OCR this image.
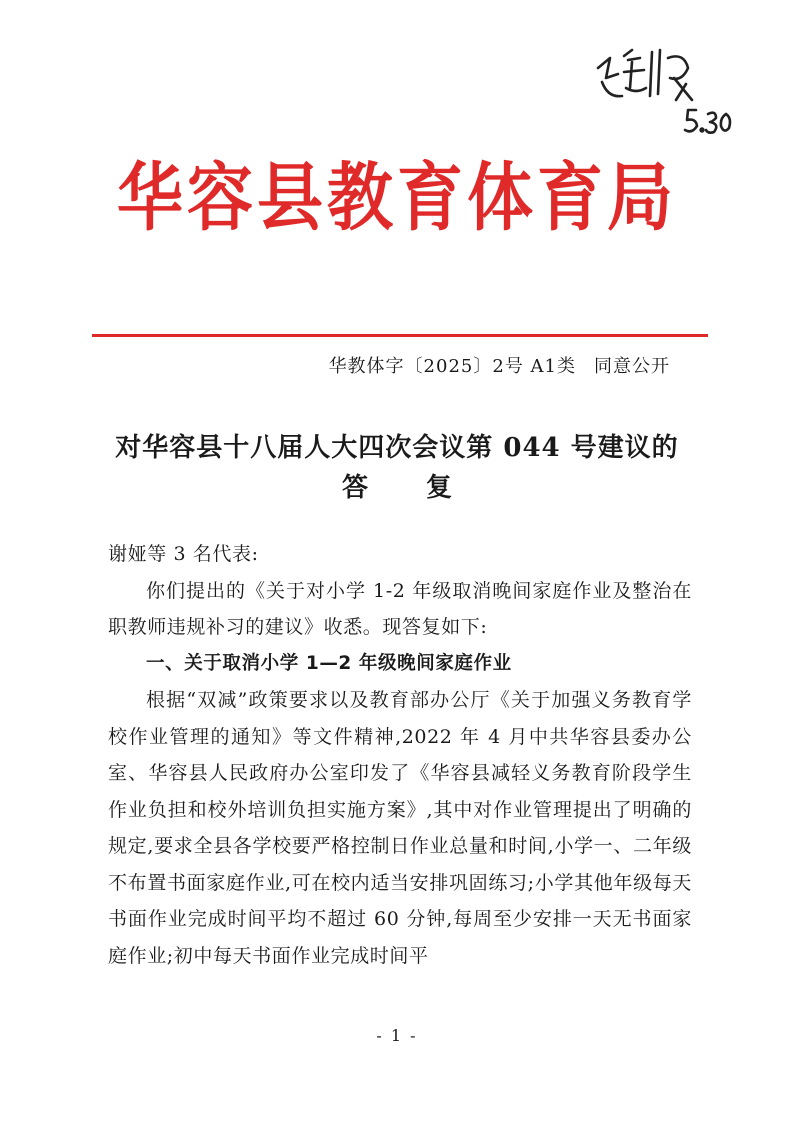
华容县教育体育局
华教体字〔2025〕2号 A1类 同意公开
对华容县十八届人大四次会议第 044 号建议的
答复

谢娅等 3 名代表:

你们提出的《关于对小学 1-2 年级取消晚间家庭作业及整治在职教师违规补习的建议》收悉。现答复如下:

一、关于取消小学 1—2 年级晚间家庭作业

根据“双减”政策要求以及教育部办公厅《关于加强义务教育学校作业管理的通知》等文件精神,2022 年 4 月中共华容县委办公室、华容县人民政府办公室印发了《华容县减轻义务教育阶段学生作业负担和校外培训负担实施方案》,其中对作业管理提出了明确的规定,要求全县各学校要严格控制日作业总量和时间,小学一、二年级不布置书面家庭作业,可在校内适当安排巩固练习;小学其他年级每天书面作业完成时间平均不超过 60 分钟,每周至少安排一天无书面家庭作业;初中每天书面作业完成时间平

- 1 -
